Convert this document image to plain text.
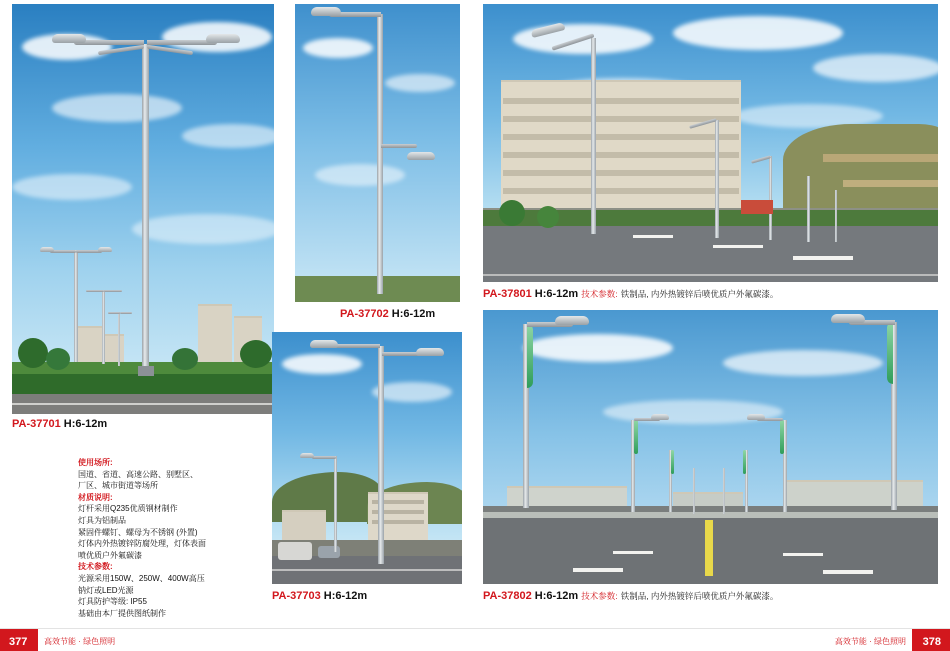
PA-37701 H:6-12m
使用场所:
国道、省道、高速公路、别墅区、
厂区、城市街道等场所
材质说明:
灯杆采用Q235优质钢材制作
灯具为铝制品
紧固件螺钉、螺母为不锈钢 (外置)
灯体内外热镀锌防腐处理，灯体表面
喷优质户外氟碳漆
技术参数:
光源采用150W、250W、400W高压
钠灯或LED光源
灯具防护等级: IP55
基础由本厂提供图纸制作
PA-37702 H:6-12m
PA-37703 H:6-12m
PA-37801 H:6-12m 技术参数: 铁制品, 内外热镀锌后喷优质户外氟碳漆。
PA-37802 H:6-12m 技术参数: 铁制品, 内外热镀锌后喷优质户外氟碳漆。
377	378
高效节能 · 绿色照明	高效节能 · 绿色照明
